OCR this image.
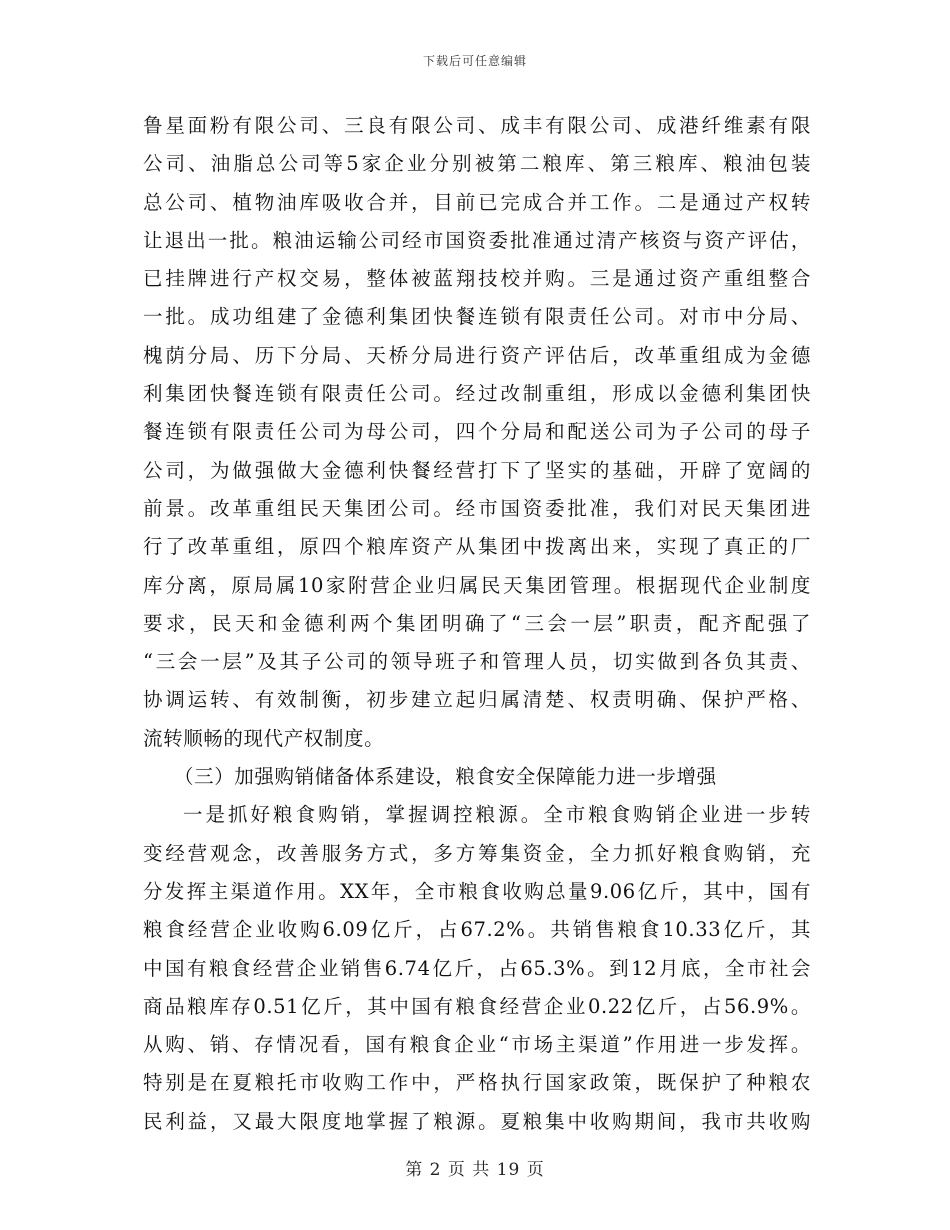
下载后可任意编辑
鲁星面粉有限公司、三良有限公司、成丰有限公司、成港纤维素有限
公司、油脂总公司等5家企业分别被第二粮库、第三粮库、粮油包装
总公司、植物油库吸收合并，目前已完成合并工作。二是通过产权转
让退出一批。粮油运输公司经市国资委批准通过清产核资与资产评估，
已挂牌进行产权交易，整体被蓝翔技校并购。三是通过资产重组整合
一批。成功组建了金德利集团快餐连锁有限责任公司。对市中分局、
槐荫分局、历下分局、天桥分局进行资产评估后，改革重组成为金德
利集团快餐连锁有限责任公司。经过改制重组，形成以金德利集团快
餐连锁有限责任公司为母公司，四个分局和配送公司为子公司的母子
公司，为做强做大金德利快餐经营打下了坚实的基础，开辟了宽阔的
前景。改革重组民天集团公司。经市国资委批准，我们对民天集团进
行了改革重组，原四个粮库资产从集团中拨离出来，实现了真正的厂
库分离，原局属10家附营企业归属民天集团管理。根据现代企业制度
要求，民天和金德利两个集团明确了“三会一层”职责，配齐配强了
“三会一层”及其子公司的领导班子和管理人员，切实做到各负其责、
协调运转、有效制衡，初步建立起归属清楚、权责明确、保护严格、
流转顺畅的现代产权制度。
（三）加强购销储备体系建设，粮食安全保障能力进一步增强
一是抓好粮食购销，掌握调控粮源。全市粮食购销企业进一步转
变经营观念，改善服务方式，多方筹集资金，全力抓好粮食购销，充
分发挥主渠道作用。XX年，全市粮食收购总量9.06亿斤，其中，国有
粮食经营企业收购6.09亿斤，占67.2%。共销售粮食10.33亿斤，其
中国有粮食经营企业销售6.74亿斤，占65.3%。到12月底，全市社会
商品粮库存0.51亿斤，其中国有粮食经营企业0.22亿斤，占56.9%。
从购、销、存情况看，国有粮食企业“市场主渠道”作用进一步发挥。
特别是在夏粮托市收购工作中，严格执行国家政策，既保护了种粮农
民利益，又最大限度地掌握了粮源。夏粮集中收购期间，我市共收购
第 2 页 共 19 页
